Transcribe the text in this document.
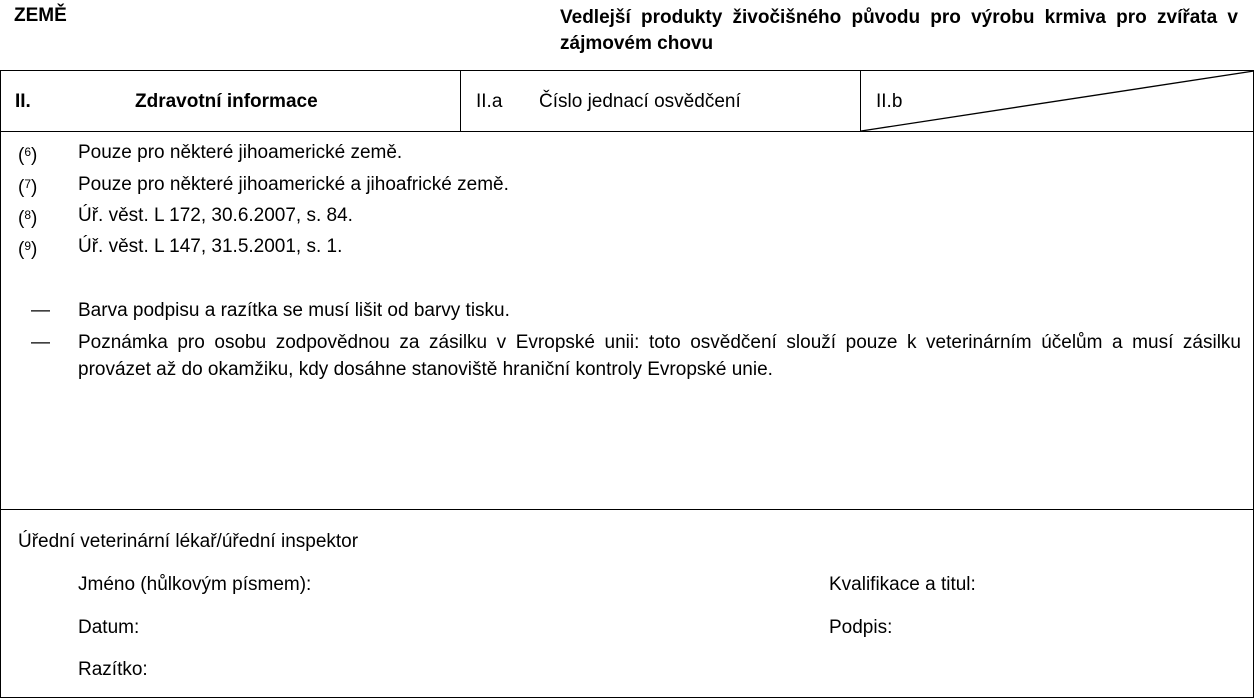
ZEMĚ	Vedlejší produkty živočišného původu pro výrobu krmiva pro zvířata v zájmovém chovu
II.	Zdravotní informace	II.a Číslo jednací osvědčení	II.b
($^6$) Pouze pro některé jihoamerické země.
($^7$) Pouze pro některé jihoamerické a jihoafrické země.
($^8$) Úř. věst. L 172, 30.6.2007, s. 84.
($^9$) Úř. věst. L 147, 31.5.2001, s. 1.
— Barva podpisu a razítka se musí lišit od barvy tisku.
— Poznámka pro osobu zodpovědnou za zásilku v Evropské unii: toto osvědčení slouží pouze k veterinárním účelům a musí zásilku provázet až do okamžiku, kdy dosáhne stanoviště hraniční kontroly Evropské unie.
Úřední veterinární lékař/úřední inspektor
Jméno (hůlkovým písmem):	Kvalifikace a titul:
Datum:	Podpis:
Razítko:
